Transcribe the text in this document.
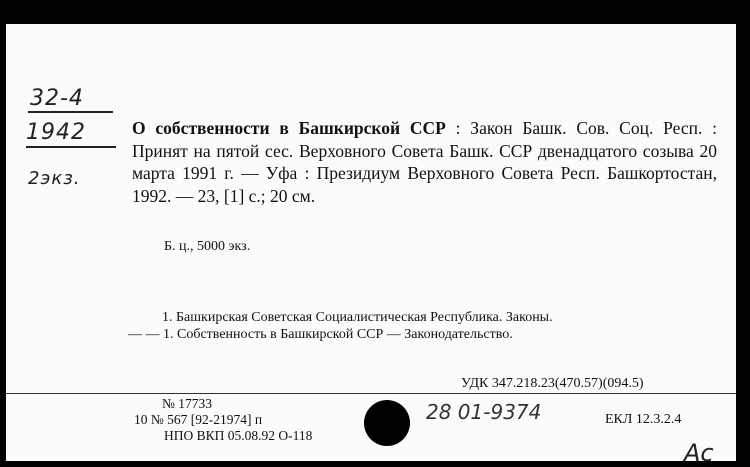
32-4
1942
2экз.
О собственности в Башкирской ССР : Закон Башк. Сов. Соц. Респ. : Принят на пятой сес. Верховного Совета Башк. ССР двенадцатого созыва 20 марта 1991 г. — Уфа : Президиум Верховного Совета Респ. Башкортостан, 1992. — 23, [1] с.; 20 см.
Б. ц., 5000 экз.
1. Башкирская Советская Социалистическая Республика. Законы.
— — 1. Собственность в Башкирской ССР — Законодательство.
УДК 347.218.23(470.57)(094.5)
№ 17733
10 № 567 [92-21974] п
НПО ВКП 05.08.92 О-118
28 01-9374	ЕКЛ 12.3.2.4
Ас
